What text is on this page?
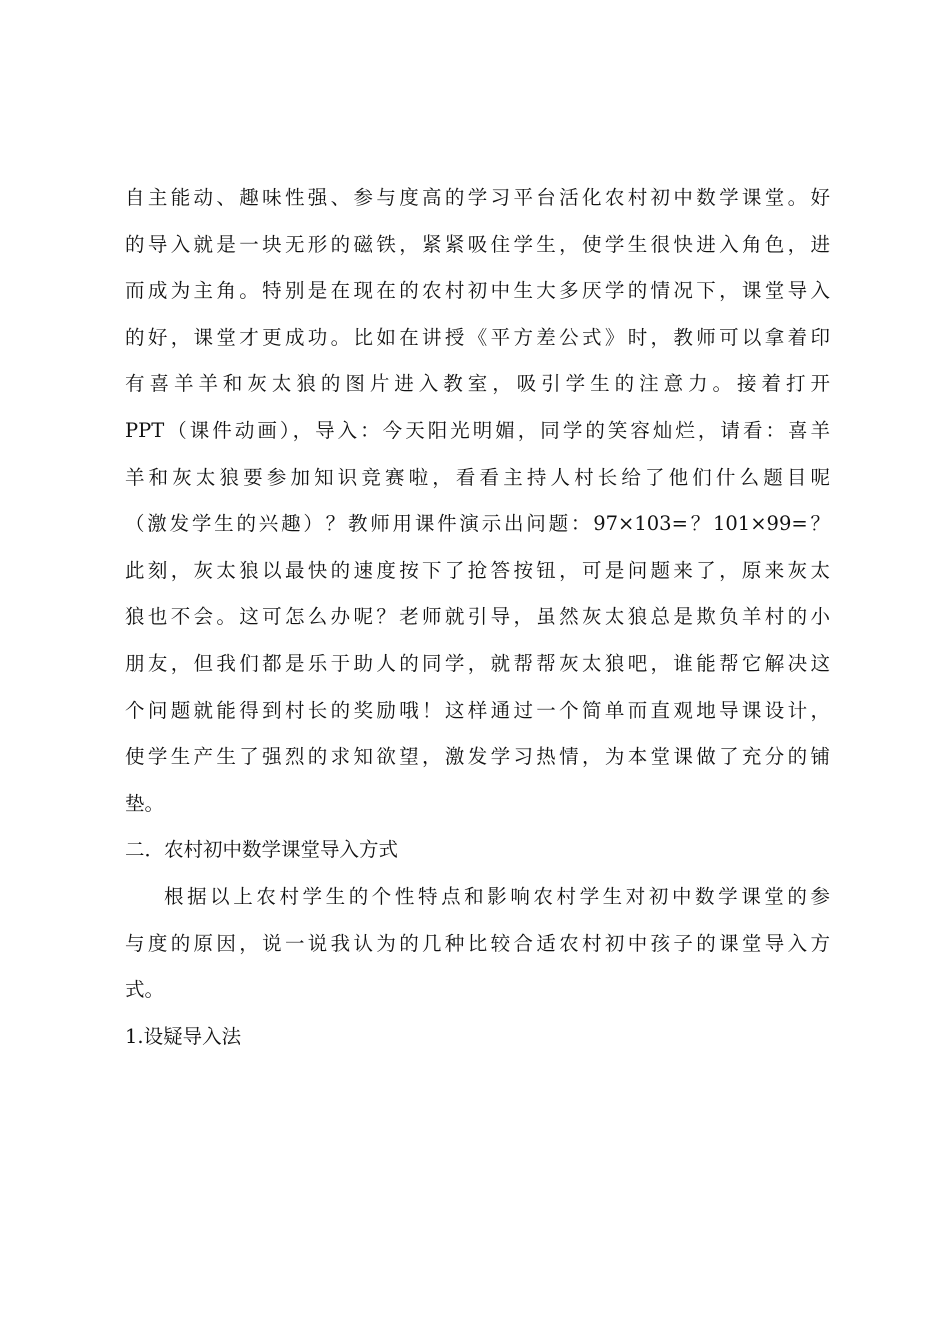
自主能动、趣味性强、参与度高的学习平台活化农村初中数学课堂。好
的导入就是一块无形的磁铁，紧紧吸住学生，使学生很快进入角色，进
而成为主角。特别是在现在的农村初中生大多厌学的情况下，课堂导入
的好，课堂才更成功。比如在讲授《平方差公式》时，教师可以拿着印
有喜羊羊和灰太狼的图片进入教室，吸引学生的注意力。接着打开
PPT（课件动画），导入：今天阳光明媚，同学的笑容灿烂，请看：喜羊
羊和灰太狼要参加知识竞赛啦，看看主持人村长给了他们什么题目呢
（激发学生的兴趣）？教师用课件演示出问题：97×103=？101×99=？
此刻，灰太狼以最快的速度按下了抢答按钮，可是问题来了，原来灰太
狼也不会。这可怎么办呢？老师就引导，虽然灰太狼总是欺负羊村的小
朋友，但我们都是乐于助人的同学，就帮帮灰太狼吧，谁能帮它解决这
个问题就能得到村长的奖励哦！这样通过一个简单而直观地导课设计，
使学生产生了强烈的求知欲望，激发学习热情，为本堂课做了充分的铺
垫。
二．农村初中数学课堂导入方式
根据以上农村学生的个性特点和影响农村学生对初中数学课堂的参
与度的原因，说一说我认为的几种比较合适农村初中孩子的课堂导入方
式。
1.设疑导入法
